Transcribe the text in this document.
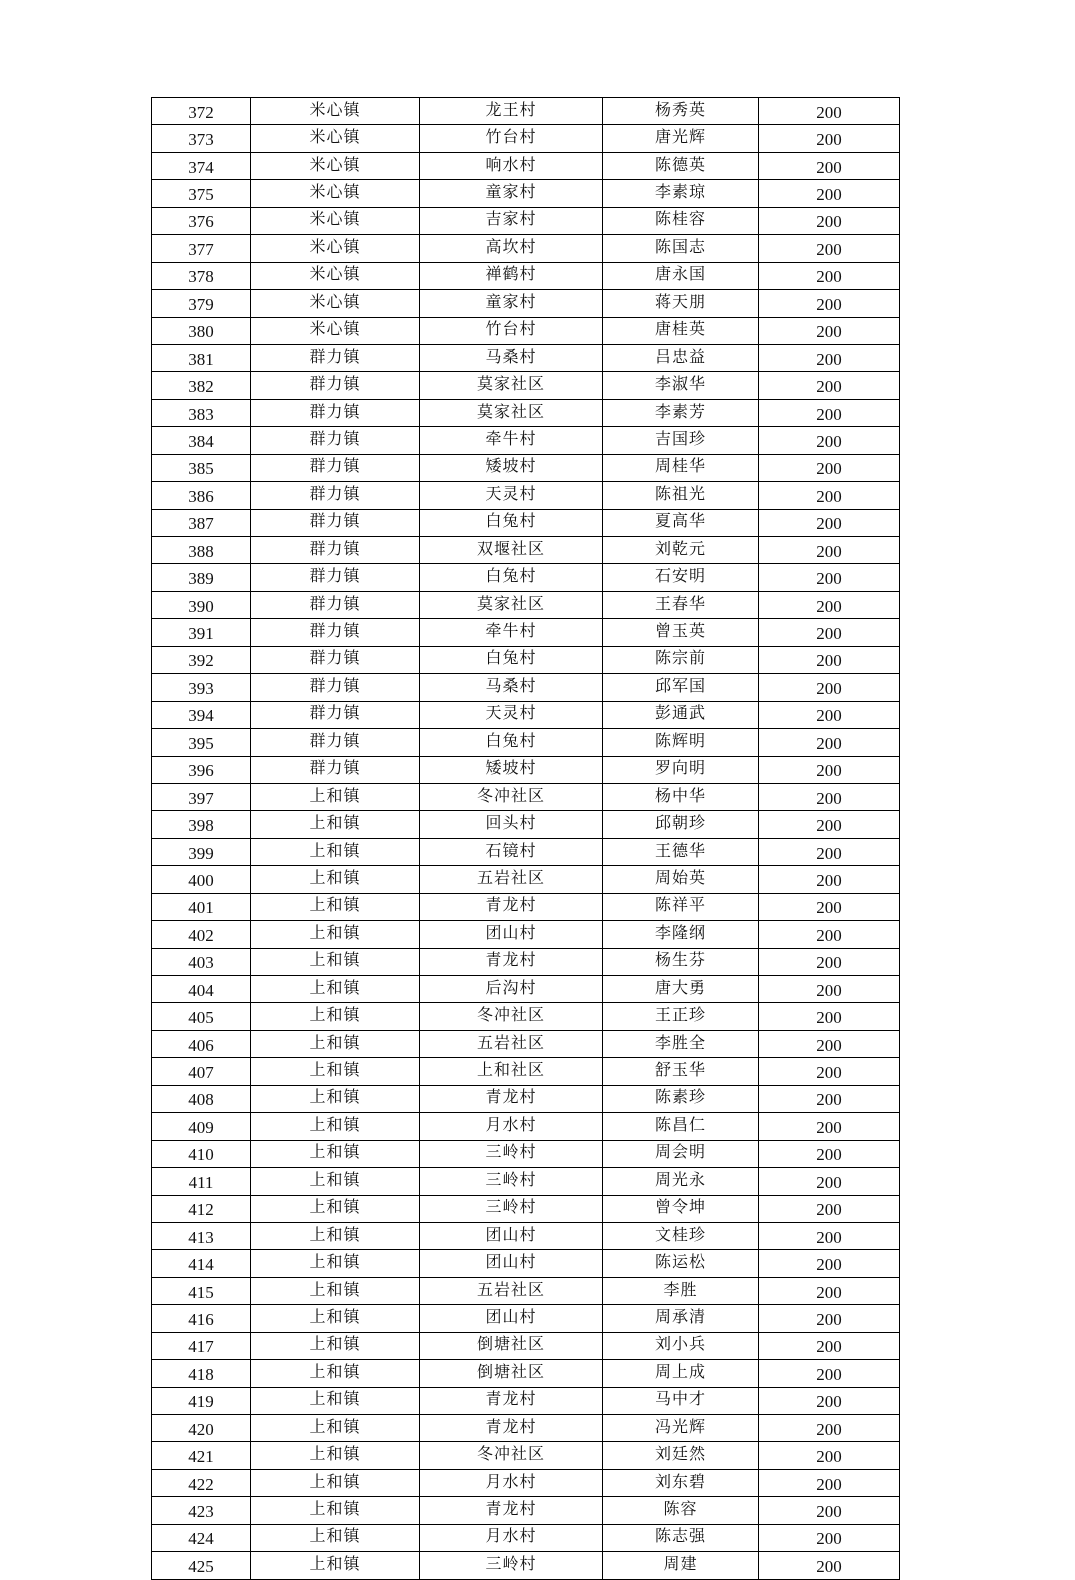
372	米心镇	龙王村	杨秀英	200
373	米心镇	竹台村	唐光辉	200
374	米心镇	响水村	陈德英	200
375	米心镇	童家村	李素琼	200
376	米心镇	吉家村	陈桂容	200
377	米心镇	高坎村	陈国志	200
378	米心镇	禅鹤村	唐永国	200
379	米心镇	童家村	蒋天朋	200
380	米心镇	竹台村	唐桂英	200
381	群力镇	马桑村	吕忠益	200
382	群力镇	莫家社区	李淑华	200
383	群力镇	莫家社区	李素芳	200
384	群力镇	牵牛村	吉国珍	200
385	群力镇	矮坡村	周桂华	200
386	群力镇	天灵村	陈祖光	200
387	群力镇	白兔村	夏高华	200
388	群力镇	双堰社区	刘乾元	200
389	群力镇	白兔村	石安明	200
390	群力镇	莫家社区	王春华	200
391	群力镇	牵牛村	曾玉英	200
392	群力镇	白兔村	陈宗前	200
393	群力镇	马桑村	邱军国	200
394	群力镇	天灵村	彭通武	200
395	群力镇	白兔村	陈辉明	200
396	群力镇	矮坡村	罗向明	200
397	上和镇	冬冲社区	杨中华	200
398	上和镇	回头村	邱朝珍	200
399	上和镇	石镜村	王德华	200
400	上和镇	五岩社区	周始英	200
401	上和镇	青龙村	陈祥平	200
402	上和镇	团山村	李隆纲	200
403	上和镇	青龙村	杨生芬	200
404	上和镇	后沟村	唐大勇	200
405	上和镇	冬冲社区	王正珍	200
406	上和镇	五岩社区	李胜全	200
407	上和镇	上和社区	舒玉华	200
408	上和镇	青龙村	陈素珍	200
409	上和镇	月水村	陈昌仁	200
410	上和镇	三岭村	周会明	200
411	上和镇	三岭村	周光永	200
412	上和镇	三岭村	曾令坤	200
413	上和镇	团山村	文桂珍	200
414	上和镇	团山村	陈运松	200
415	上和镇	五岩社区	李胜	200
416	上和镇	团山村	周承清	200
417	上和镇	倒塘社区	刘小兵	200
418	上和镇	倒塘社区	周上成	200
419	上和镇	青龙村	马中才	200
420	上和镇	青龙村	冯光辉	200
421	上和镇	冬冲社区	刘廷然	200
422	上和镇	月水村	刘东碧	200
423	上和镇	青龙村	陈容	200
424	上和镇	月水村	陈志强	200
425	上和镇	三岭村	周建	200
